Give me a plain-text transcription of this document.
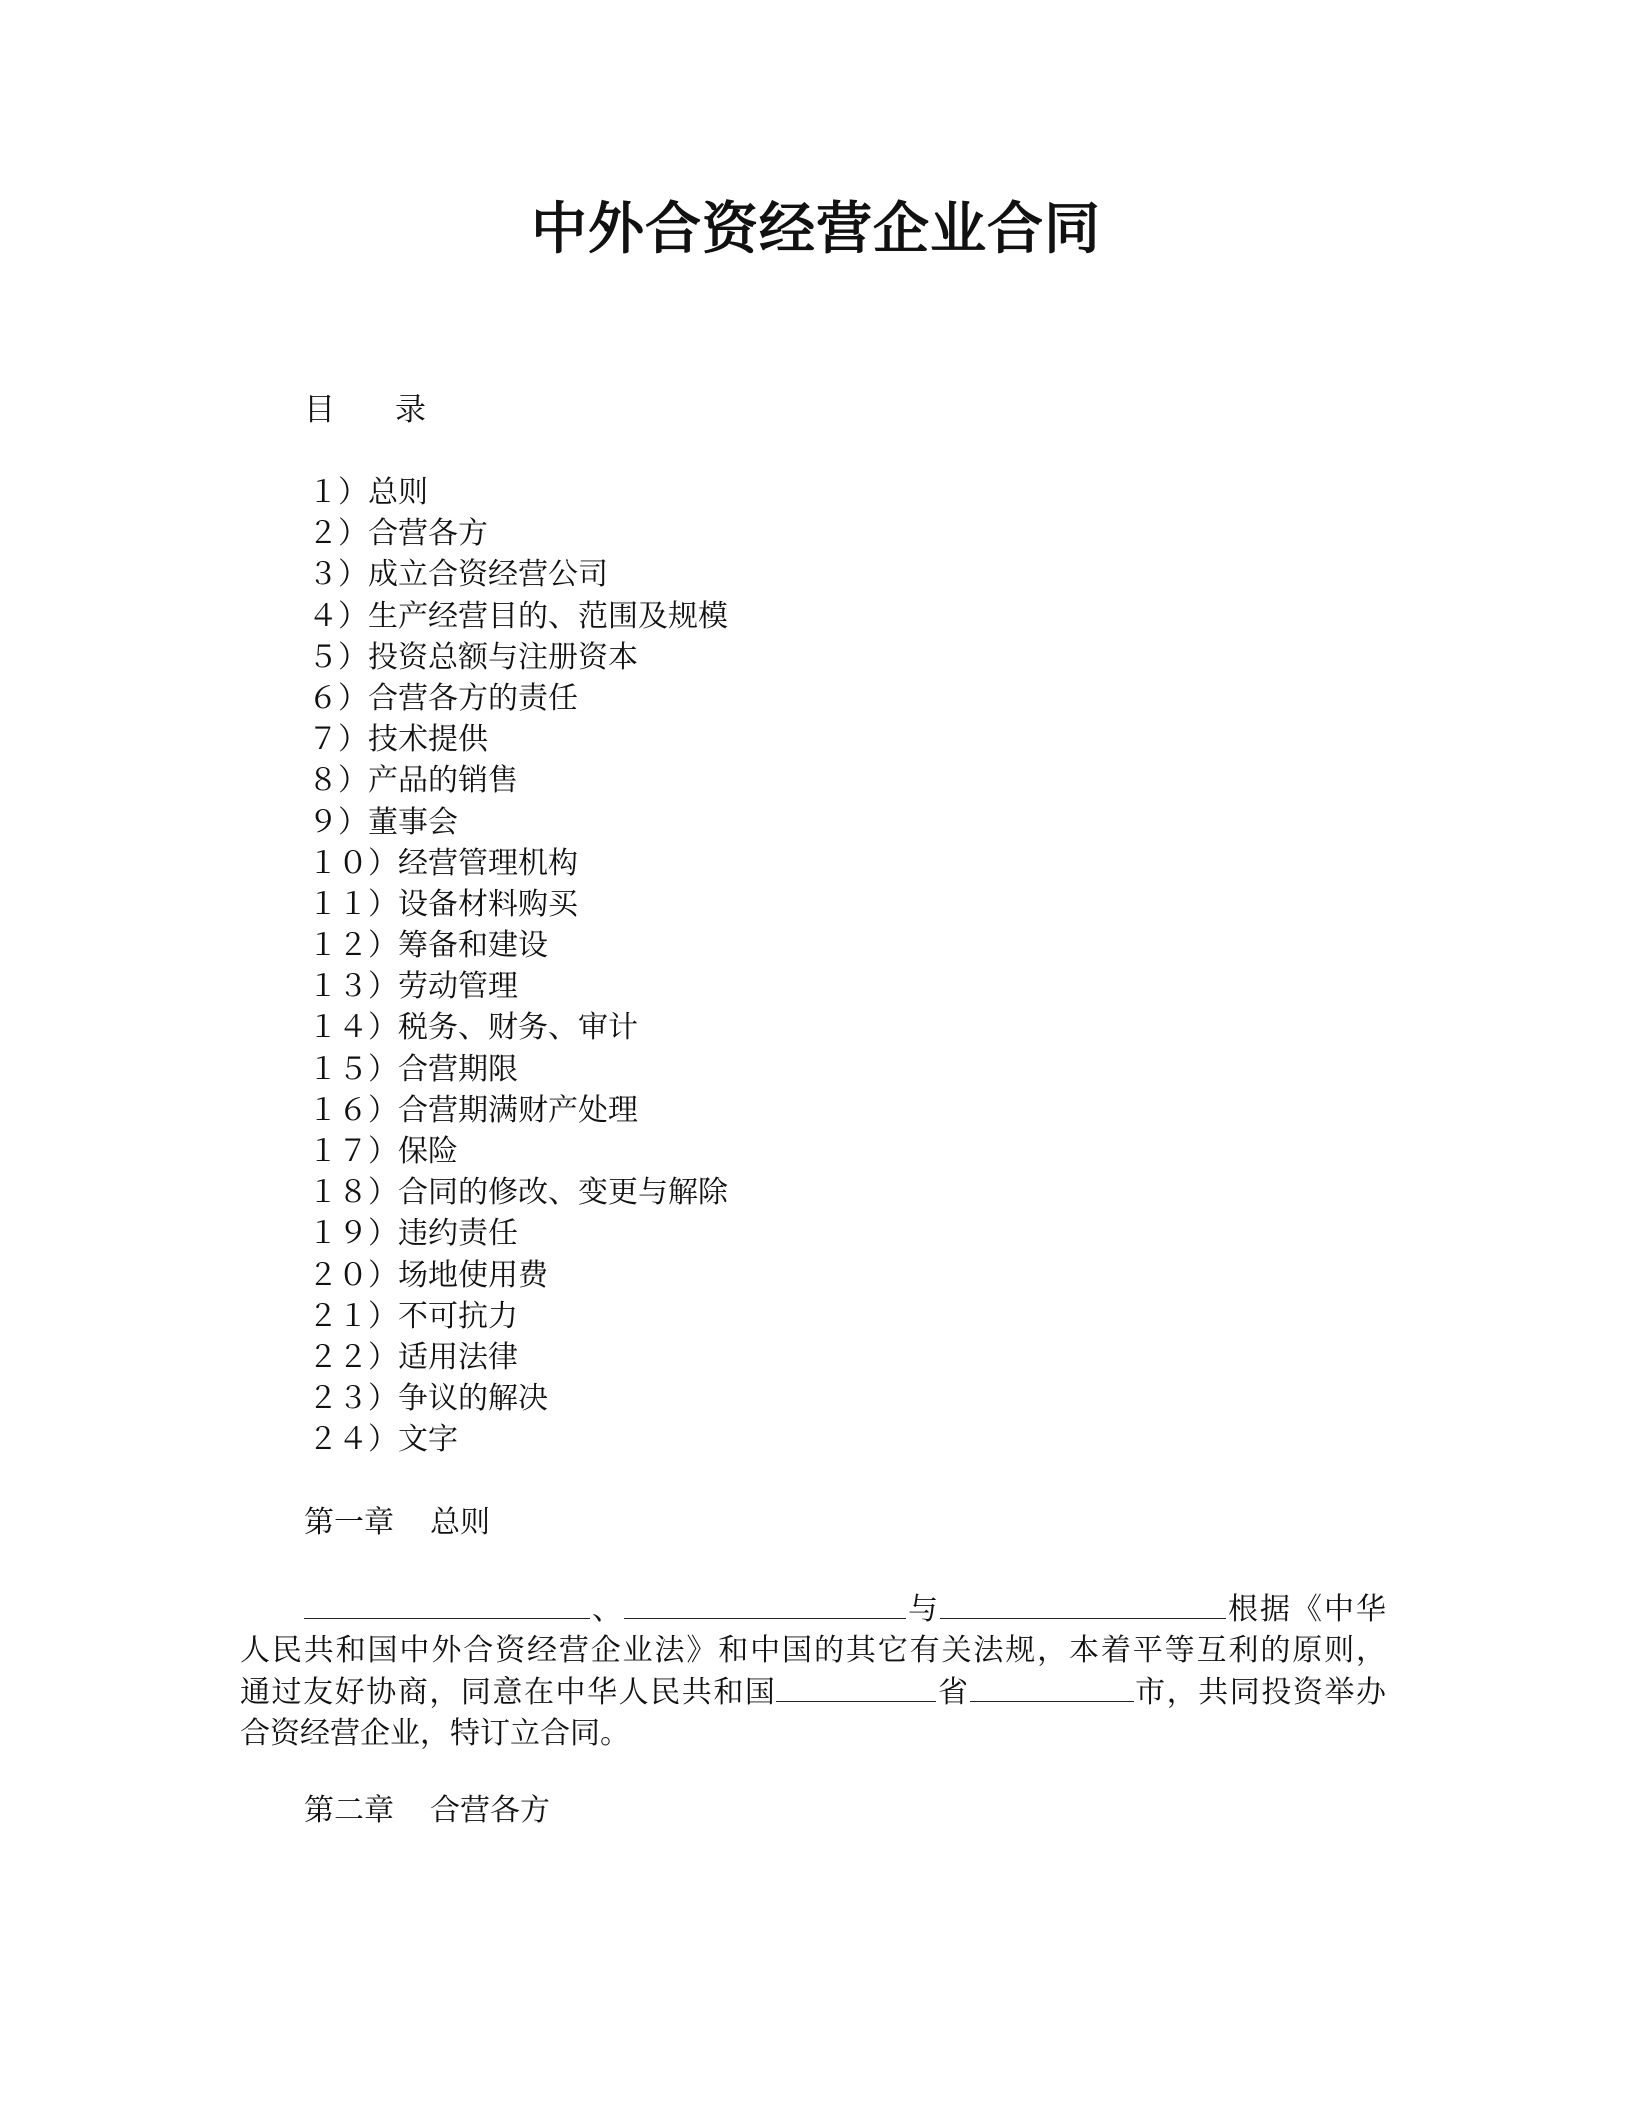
中外合资经营企业合同
目 录
１）总则
２）合营各方
３）成立合资经营公司
４）生产经营目的、范围及规模
５）投资总额与注册资本
６）合营各方的责任
７）技术提供
８）产品的销售
９）董事会
１０）经营管理机构
１１）设备材料购买
１２）筹备和建设
１３）劳动管理
１４）税务、财务、审计
１５）合营期限
１６）合营期满财产处理
１７）保险
１８）合同的修改、变更与解除
１９）违约责任
２０）场地使用费
２１）不可抗力
２２）适用法律
２３）争议的解决
２４）文字
第一章 总则
、	与	根据《中华
人民共和国中外合资经营企业法》和中国的其它有关法规，本着平等互利的原则，
通过友好协商，同意在中华人民共和国	省	市，共同投资举办
合资经营企业，特订立合同。
第二章 合营各方
